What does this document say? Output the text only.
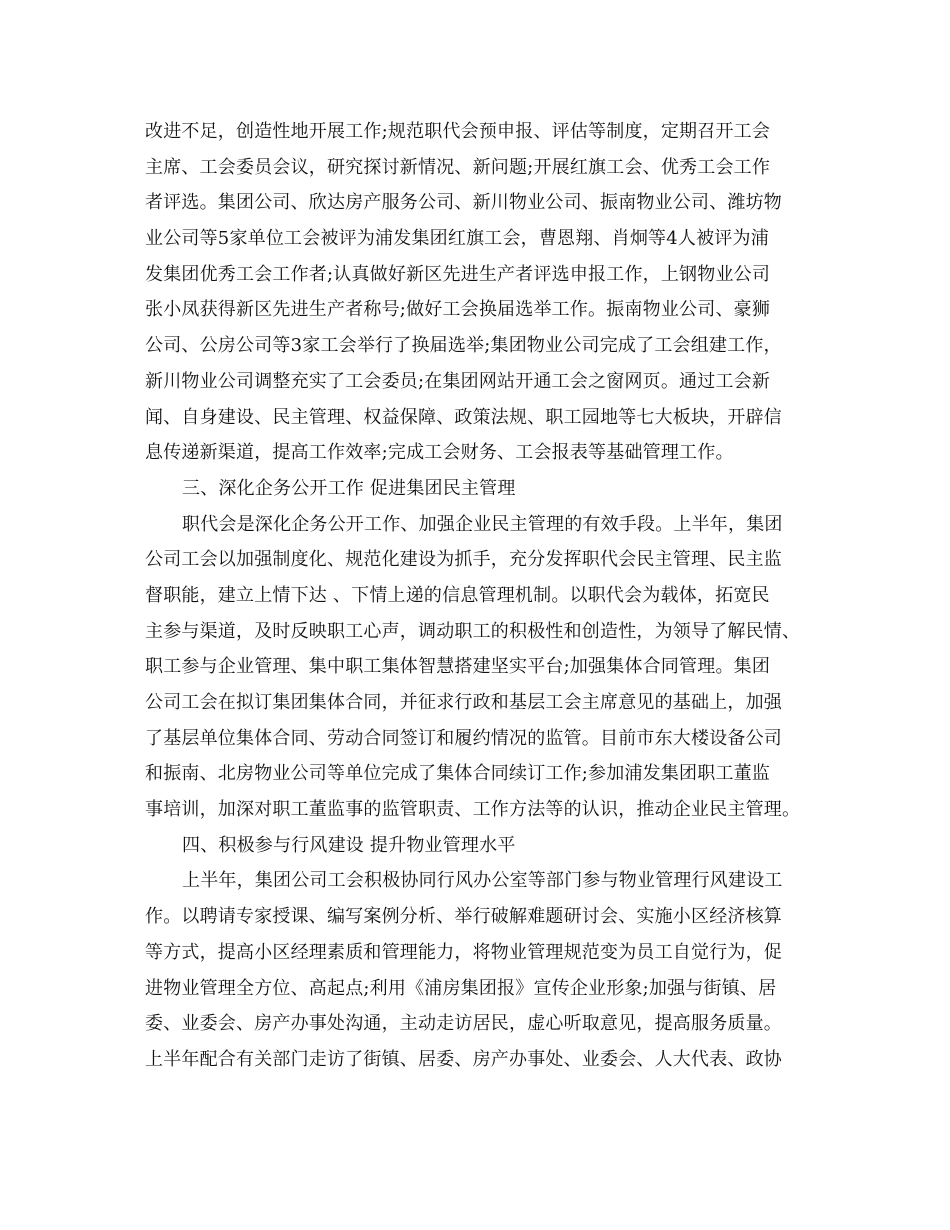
改进不足，创造性地开展工作;规范职代会预申报、评估等制度，定期召开工会
主席、工会委员会议，研究探讨新情况、新问题;开展红旗工会、优秀工会工作
者评选。集团公司、欣达房产服务公司、新川物业公司、振南物业公司、潍坊物
业公司等5家单位工会被评为浦发集团红旗工会，曹恩翔、肖炯等4人被评为浦
发集团优秀工会工作者;认真做好新区先进生产者评选申报工作，上钢物业公司
张小凤获得新区先进生产者称号;做好工会换届选举工作。振南物业公司、豪狮
公司、公房公司等3家工会举行了换届选举;集团物业公司完成了工会组建工作，
新川物业公司调整充实了工会委员;在集团网站开通工会之窗网页。通过工会新
闻、自身建设、民主管理、权益保障、政策法规、职工园地等七大板块，开辟信
息传递新渠道，提高工作效率;完成工会财务、工会报表等基础管理工作。
三、深化企务公开工作 促进集团民主管理
职代会是深化企务公开工作、加强企业民主管理的有效手段。上半年，集团
公司工会以加强制度化、规范化建设为抓手，充分发挥职代会民主管理、民主监
督职能，建立上情下达 、下情上递的信息管理机制。以职代会为载体，拓宽民
主参与渠道，及时反映职工心声，调动职工的积极性和创造性，为领导了解民情、
职工参与企业管理、集中职工集体智慧搭建坚实平台;加强集体合同管理。集团
公司工会在拟订集团集体合同，并征求行政和基层工会主席意见的基础上，加强
了基层单位集体合同、劳动合同签订和履约情况的监管。目前市东大楼设备公司
和振南、北房物业公司等单位完成了集体合同续订工作;参加浦发集团职工董监
事培训，加深对职工董监事的监管职责、工作方法等的认识，推动企业民主管理。
四、积极参与行风建设 提升物业管理水平
上半年，集团公司工会积极协同行风办公室等部门参与物业管理行风建设工
作。以聘请专家授课、编写案例分析、举行破解难题研讨会、实施小区经济核算
等方式，提高小区经理素质和管理能力，将物业管理规范变为员工自觉行为，促
进物业管理全方位、高起点;利用《浦房集团报》宣传企业形象;加强与街镇、居
委、业委会、房产办事处沟通，主动走访居民，虚心听取意见，提高服务质量。
上半年配合有关部门走访了街镇、居委、房产办事处、业委会、人大代表、政协
